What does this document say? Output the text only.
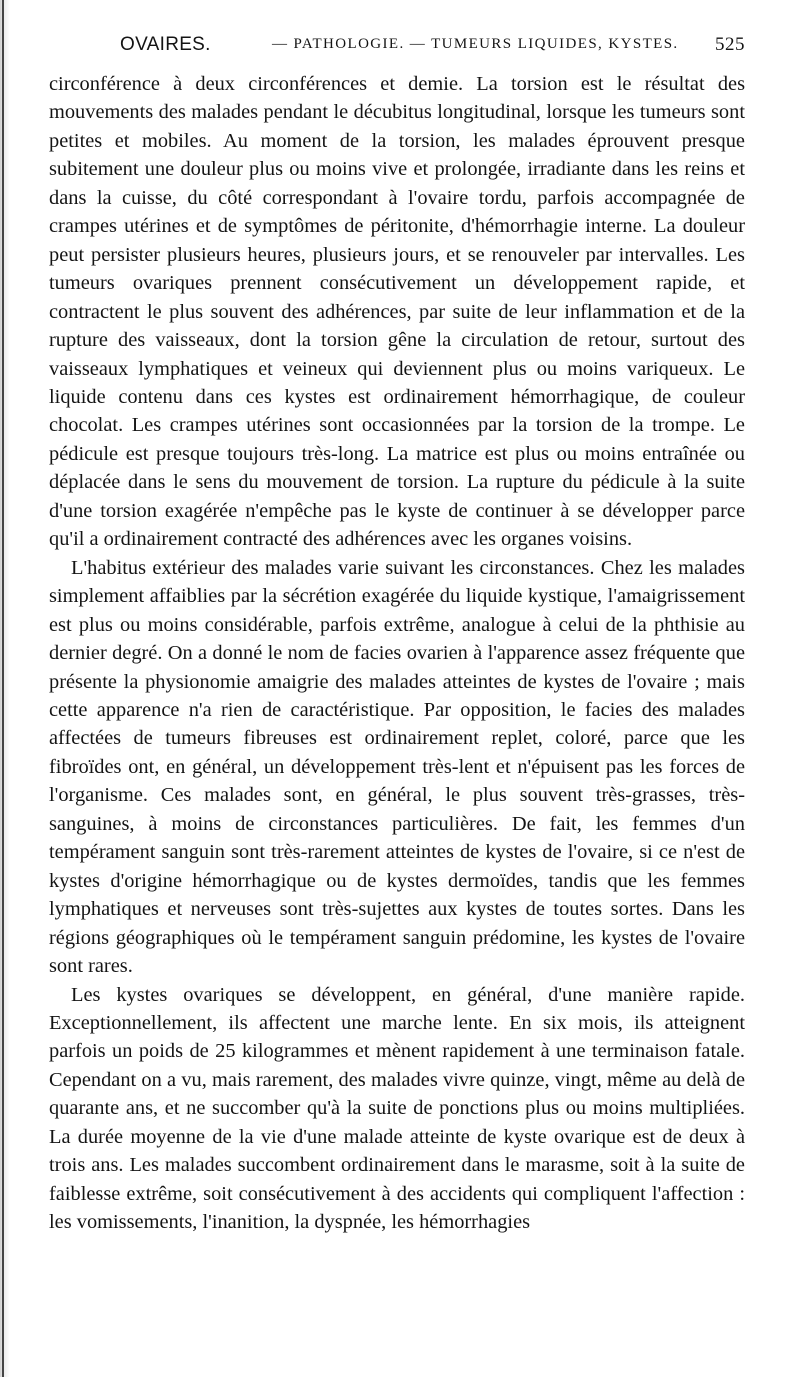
OVAIRES.	— PATHOLOGIE. — TUMEURS LIQUIDES, KYSTES. 525

circonférence à deux circonférences et demie. La torsion est le résultat des mouvements des malades pendant le décubitus longitudinal, lorsque les tumeurs sont petites et mobiles. Au moment de la torsion, les malades éprouvent presque subitement une douleur plus ou moins vive et prolongée, irradiante dans les reins et dans la cuisse, du côté correspondant à l'ovaire tordu, parfois accompagnée de crampes utérines et de symptômes de péritonite, d'hémorrhagie interne. La douleur peut persister plusieurs heures, plusieurs jours, et se renouveler par intervalles. Les tumeurs ovariques prennent consécutivement un développement rapide, et contractent le plus souvent des adhérences, par suite de leur inflammation et de la rupture des vaisseaux, dont la torsion gêne la circulation de retour, surtout des vaisseaux lymphatiques et veineux qui deviennent plus ou moins variqueux. Le liquide contenu dans ces kystes est ordinairement hémorrhagique, de couleur chocolat. Les crampes utérines sont occasionnées par la torsion de la trompe. Le pédicule est presque toujours très-long. La matrice est plus ou moins entraînée ou déplacée dans le sens du mouvement de torsion. La rupture du pédicule à la suite d'une torsion exagérée n'empêche pas le kyste de continuer à se développer parce qu'il a ordinairement contracté des adhérences avec les organes voisins.

L'habitus extérieur des malades varie suivant les circonstances. Chez les malades simplement affaiblies par la sécrétion exagérée du liquide kystique, l'amaigrissement est plus ou moins considérable, parfois extrême, analogue à celui de la phthisie au dernier degré. On a donné le nom de facies ovarien à l'apparence assez fréquente que présente la physionomie amaigrie des malades atteintes de kystes de l'ovaire ; mais cette apparence n'a rien de caractéristique. Par opposition, le facies des malades affectées de tumeurs fibreuses est ordinairement replet, coloré, parce que les fibroïdes ont, en général, un développement très-lent et n'épuisent pas les forces de l'organisme. Ces malades sont, en général, le plus souvent très-grasses, très-sanguines, à moins de circonstances particulières. De fait, les femmes d'un tempérament sanguin sont très-rarement atteintes de kystes de l'ovaire, si ce n'est de kystes d'origine hémorrhagique ou de kystes dermoïdes, tandis que les femmes lymphatiques et nerveuses sont très-sujettes aux kystes de toutes sortes. Dans les régions géographiques où le tempérament sanguin prédomine, les kystes de l'ovaire sont rares.

Les kystes ovariques se développent, en général, d'une manière rapide. Exceptionnellement, ils affectent une marche lente. En six mois, ils atteignent parfois un poids de 25 kilogrammes et mènent rapidement à une terminaison fatale. Cependant on a vu, mais rarement, des malades vivre quinze, vingt, même au delà de quarante ans, et ne succomber qu'à la suite de ponctions plus ou moins multipliées. La durée moyenne de la vie d'une malade atteinte de kyste ovarique est de deux à trois ans. Les malades succombent ordinairement dans le marasme, soit à la suite de faiblesse extrême, soit consécutivement à des accidents qui compliquent l'affection : les vomissements, l'inanition, la dyspnée, les hémorrhagies
